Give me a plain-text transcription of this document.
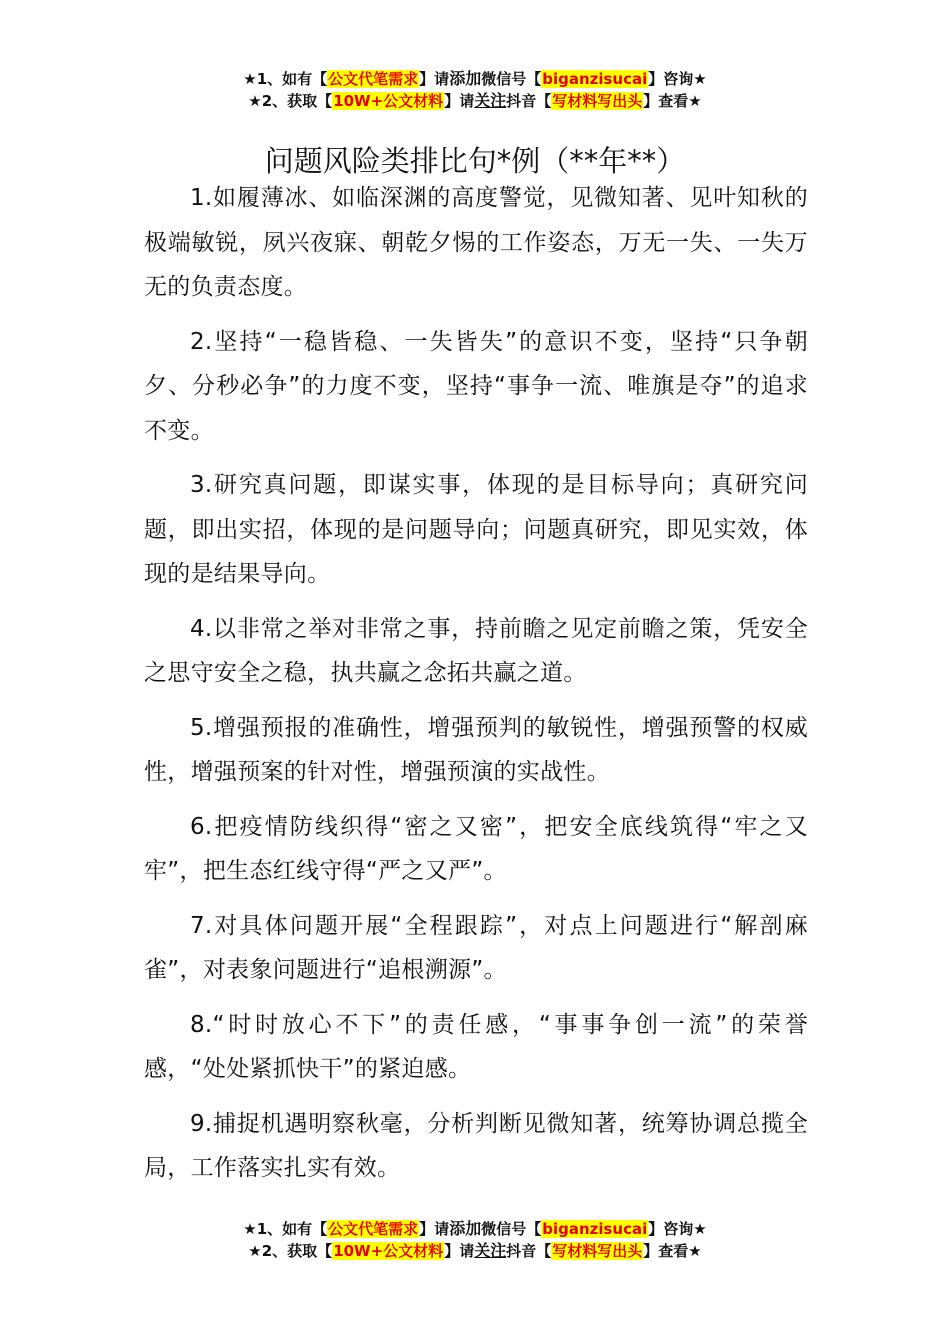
★1、如有【公文代笔需求】请添加微信号【biganzisucai】咨询★
★2、获取【10W+公文材料】请关注抖音【写材料写出头】查看★
问题风险类排比句*例（**年**）

1.如履薄冰、如临深渊的高度警觉，见微知著、见叶知秋的极端敏锐，夙兴夜寐、朝乾夕惕的工作姿态，万无一失、一失万无的负责态度。

2.坚持“一稳皆稳、一失皆失”的意识不变，坚持“只争朝夕、分秒必争”的力度不变，坚持“事争一流、唯旗是夺”的追求不变。

3.研究真问题，即谋实事，体现的是目标导向；真研究问题，即出实招，体现的是问题导向；问题真研究，即见实效，体现的是结果导向。

4.以非常之举对非常之事，持前瞻之见定前瞻之策，凭安全之思守安全之稳，执共赢之念拓共赢之道。

5.增强预报的准确性，增强预判的敏锐性，增强预警的权威性，增强预案的针对性，增强预演的实战性。

6.把疫情防线织得“密之又密”，把安全底线筑得“牢之又牢”，把生态红线守得“严之又严”。

7.对具体问题开展“全程跟踪”，对点上问题进行“解剖麻雀”，对表象问题进行“追根溯源”。

8.“时时放心不下”的责任感，“事事争创一流”的荣誉感，“处处紧抓快干”的紧迫感。

9.捕捉机遇明察秋毫，分析判断见微知著，统筹协调总揽全局，工作落实扎实有效。

★1、如有【公文代笔需求】请添加微信号【biganzisucai】咨询★
★2、获取【10W+公文材料】请关注抖音【写材料写出头】查看★
